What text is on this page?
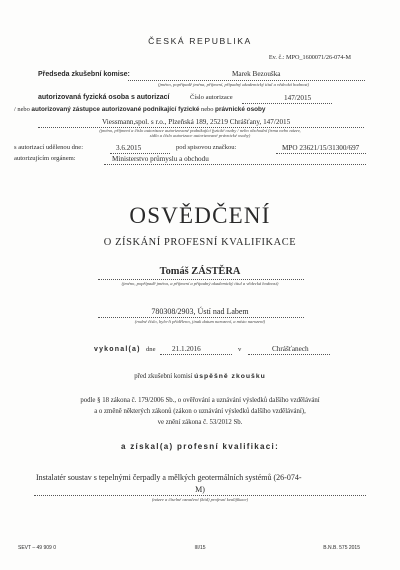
ČESKÁ REPUBLIKA
Ev. č.: MPO_1600071/26-074-M
Předseda zkušební komise:	Marek Bezouška
(jméno, popřípadě jména, příjmení, případný akademický titul a vědecká hodnost)
autorizovaná fyzická osoba s autorizací	Číslo autorizace	147/2015
/ nebo autorizovaný zástupce autorizované podnikající fyzické nebo právnické osoby
Viessmann,spol. s r.o., Plzeňská 189, 25219 Chrášťany, 147/2015
(jméno, příjmení a číslo autorizace autorizované podnikající fyzické osoby / nebo obchodní firma nebo název,
sídlo a číslo autorizace autorizované právnické osoby)
s autorizací udělenou dne:	3.6.2015	pod spisovou značkou:	MPO 23621/15/31300/697
autorizujícím orgánem:	Ministerstvo průmyslu a obchodu
OSVĚDČENÍ
O ZÍSKÁNÍ PROFESNÍ KVALIFIKACE
Tomáš ZÁSTĚRA
(jméno, popřípadě jména, a příjmení a případný akademický titul a vědecká hodnost)
780308/2903, Ústí nad Labem
(rodné číslo, bylo-li přiděleno, jinak datum narození, a místo narození)
vykonal(a) dne 21.1.2016	v	Chrášťanech
před zkušební komisí úspěšně zkoušku
podle § 18 zákona č. 179/2006 Sb., o ověřování a uznávání výsledků dalšího vzdělávání
a o změně některých zákonů (zákon o uznávání výsledků dalšího vzdělávání),
ve znění zákona č. 53/2012 Sb.
a získal(a) profesní kvalifikaci:
Instalatér soustav s tepelnými čerpadly a mělkých geotermálních systémů (26-074-
M)
(název a číselné označení (kód) profesní kvalifikace)
SEVT – 49 909 0	III/15	B.N.B. 575 2015
